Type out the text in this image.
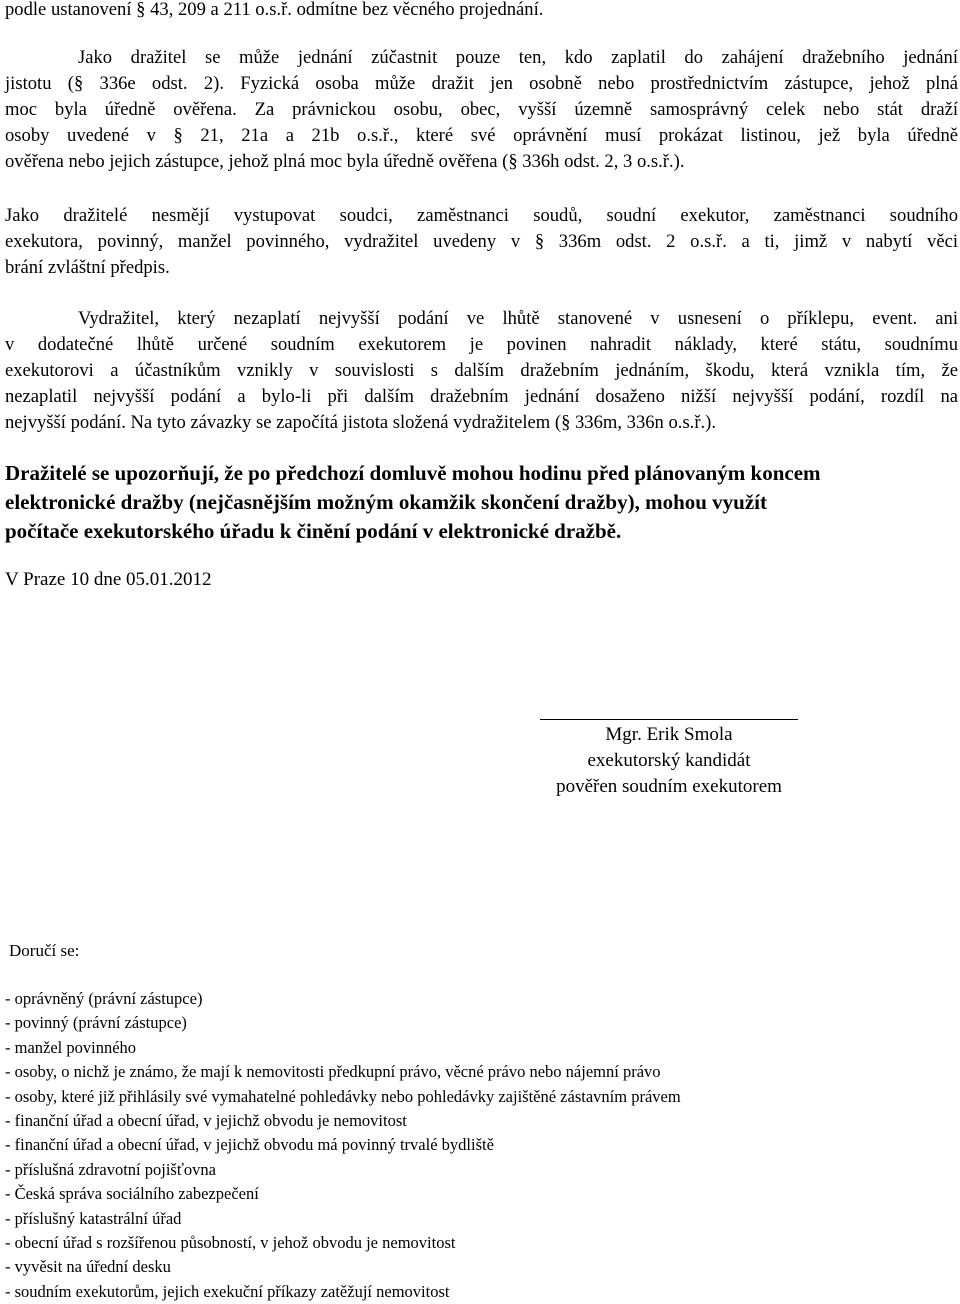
podle ustanovení § 43, 209 a 211 o.s.ř. odmítne bez věcného projednání.
Jako dražitel se může jednání zúčastnit pouze ten, kdo zaplatil do zahájení dražebního jednání
jistotu (§ 336e odst. 2). Fyzická osoba může dražit jen osobně nebo prostřednictvím zástupce, jehož plná
moc byla úředně ověřena. Za právnickou osobu, obec, vyšší územně samosprávný celek nebo stát draží
osoby uvedené v § 21, 21a a 21b o.s.ř., které své oprávnění musí prokázat listinou, jež byla úředně
ověřena nebo jejich zástupce, jehož plná moc byla úředně ověřena (§ 336h odst. 2, 3 o.s.ř.).
Jako dražitelé nesmějí vystupovat soudci, zaměstnanci soudů, soudní exekutor, zaměstnanci soudního
exekutora, povinný, manžel povinného, vydražitel uvedeny v § 336m odst. 2 o.s.ř. a ti, jimž v nabytí věci
brání zvláštní předpis.
Vydražitel, který nezaplatí nejvyšší podání ve lhůtě stanovené v usnesení o příklepu, event. ani
v dodatečné lhůtě určené soudním exekutorem je povinen nahradit náklady, které státu, soudnímu
exekutorovi a účastníkům vznikly v souvislosti s dalším dražebním jednáním, škodu, která vznikla tím, že
nezaplatil nejvyšší podání a bylo-li při dalším dražebním jednání dosaženo nižší nejvyšší podání, rozdíl na
nejvyšší podání. Na tyto závazky se započítá jistota složená vydražitelem (§ 336m, 336n o.s.ř.).
Dražitelé se upozorňují, že po předchozí domluvě mohou hodinu před plánovaným koncem
elektronické dražby (nejčasnějším možným okamžik skončení dražby), mohou využít
počítače exekutorského úřadu k činění podání v elektronické dražbě.
V Praze 10 dne 05.01.2012
Mgr. Erik Smola
exekutorský kandidát
pověřen soudním exekutorem
Doručí se:
- oprávněný (právní zástupce)
- povinný (právní zástupce)
- manžel povinného
- osoby, o nichž je známo, že mají k nemovitosti předkupní právo, věcné právo nebo nájemní právo
- osoby, které již přihlásily své vymahatelné pohledávky nebo pohledávky zajištěné zástavním právem
- finanční úřad a obecní úřad, v jejichž obvodu je nemovitost
- finanční úřad a obecní úřad, v jejichž obvodu má povinný trvalé bydliště
- příslušná zdravotní pojišťovna
- Česká správa sociálního zabezpečení
- příslušný katastrální úřad
- obecní úřad s rozšířenou působností, v jehož obvodu je nemovitost
- vyvěsit na úřední desku
- soudním exekutorům, jejich exekuční příkazy zatěžují nemovitost
